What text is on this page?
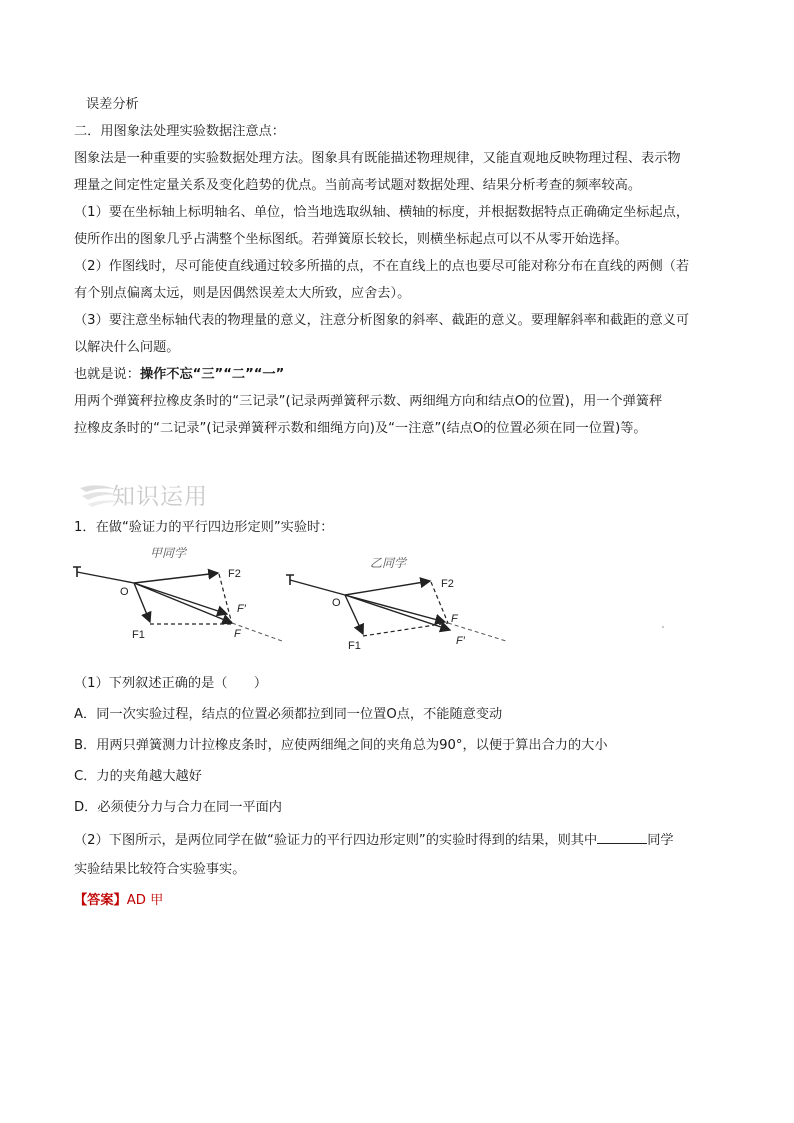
误差分析
二．用图象法处理实验数据注意点：
图象法是一种重要的实验数据处理方法。图象具有既能描述物理规律，又能直观地反映物理过程、表示物
理量之间定性定量关系及变化趋势的优点。当前高考试题对数据处理、结果分析考查的频率较高。
（1）要在坐标轴上标明轴名、单位，恰当地选取纵轴、横轴的标度，并根据数据特点正确确定坐标起点，
使所作出的图象几乎占满整个坐标图纸。若弹簧原长较长，则横坐标起点可以不从零开始选择。
（2）作图线时，尽可能使直线通过较多所描的点，不在直线上的点也要尽可能对称分布在直线的两侧（若
有个别点偏离太远，则是因偶然误差太大所致，应舍去）。
（3）要注意坐标轴代表的物理量的意义，注意分析图象的斜率、截距的意义。要理解斜率和截距的意义可
以解决什么问题。
也就是说：操作不忘“三”“二”“一”
用两个弹簧秤拉橡皮条时的“三记录”(记录两弹簧秤示数、两细绳方向和结点O的位置)，用一个弹簧秤
拉橡皮条时的“二记录”(记录弹簧秤示数和细绳方向)及“一注意”(结点O的位置必须在同一位置)等。
知识运用
1．在做“验证力的平行四边形定则”实验时：
甲同学
O
F2
F1
F′
F
乙同学
O
F2
F1
F
F′
（1）下列叙述正确的是（　　）
A．同一次实验过程，结点的位置必须都拉到同一位置O点，不能随意变动
B．用两只弹簧测力计拉橡皮条时，应使两细绳之间的夹角总为90°，以便于算出合力的大小
C．力的夹角越大越好
D．必须使分力与合力在同一平面内
（2）下图所示，是两位同学在做“验证力的平行四边形定则”的实验时得到的结果，则其中	同学
实验结果比较符合实验事实。
【答案】AD 甲
